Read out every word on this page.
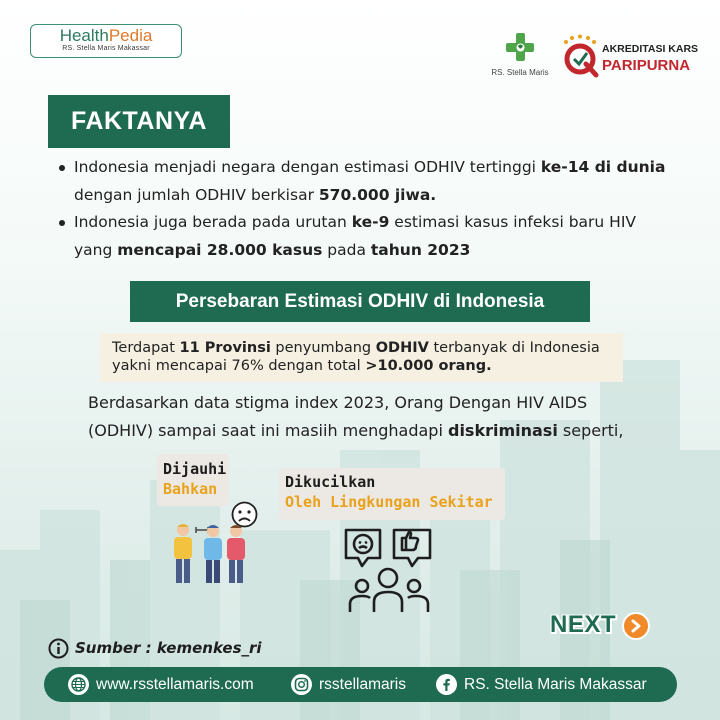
HealthPedia
RS. Stella Maris Makassar
RS. Stella Maris
AKREDITASI KARS
PARIPURNA
FAKTANYA
Indonesia menjadi negara dengan estimasi ODHIV tertinggi ke-14 di dunia dengan jumlah ODHIV berkisar 570.000 jiwa.
Indonesia juga berada pada urutan ke-9 estimasi kasus infeksi baru HIV yang mencapai 28.000 kasus pada tahun 2023
Persebaran Estimasi ODHIV di Indonesia
Terdapat 11 Provinsi penyumbang ODHIV terbanyak di Indonesia yakni mencapai 76% dengan total >10.000 orang.
Berdasarkan data stigma index 2023, Orang Dengan HIV AIDS (ODHIV) sampai saat ini masiih menghadapi diskriminasi seperti,
Dijauhi
Bahkan	Dikucilkan
Oleh Lingkungan Sekitar
NEXT
Sumber : kemenkes_ri
www.rsstellamaris.com	rsstellamaris	RS. Stella Maris Makassar
